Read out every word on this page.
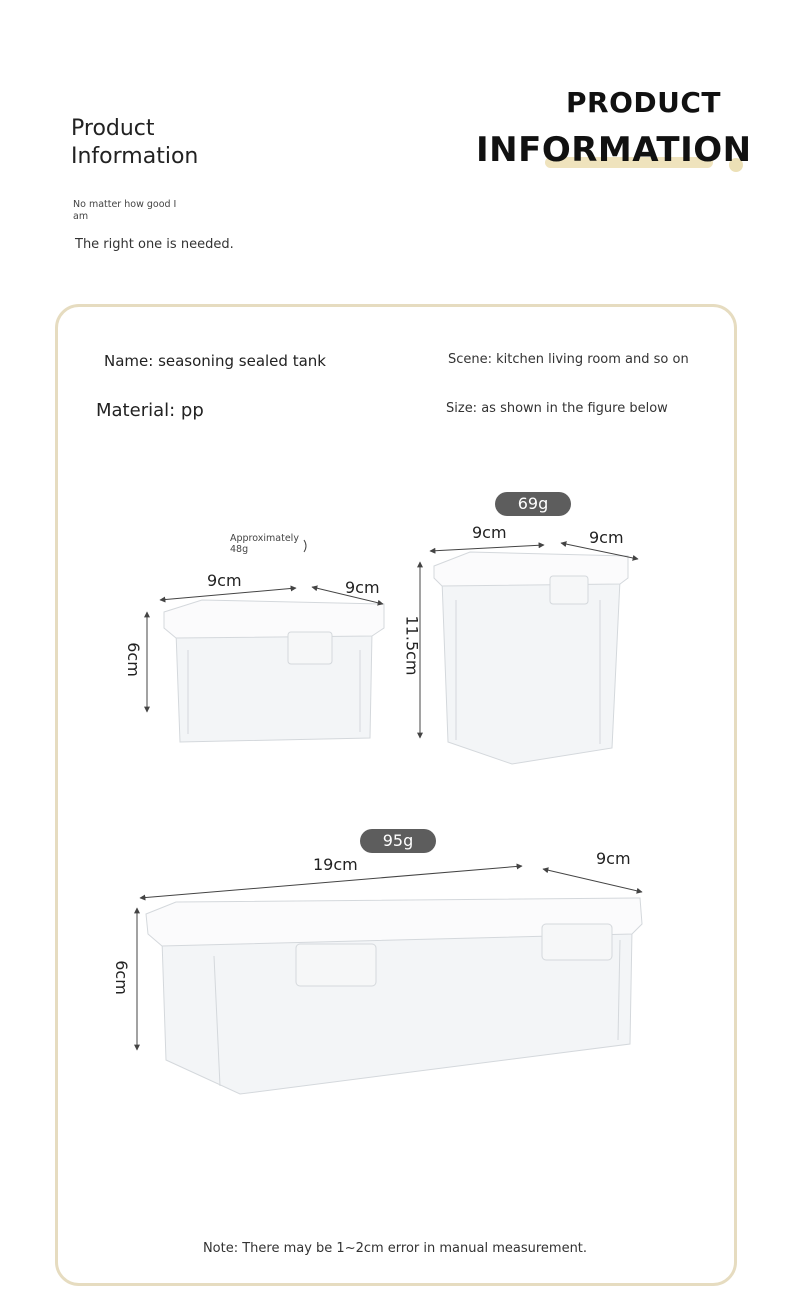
Product
Information
No matter how good I am
The right one is needed.
PRODUCT
INFORMATION
Name: seasoning sealed tank	Scene: kitchen living room and so on
Material: pp	Size: as shown in the figure below
Approximately 48g
9cm	9cm
6cm
69g
9cm	9cm
11.5cm
95g
19cm	9cm
6cm
Note: There may be 1~2cm error in manual measurement.
